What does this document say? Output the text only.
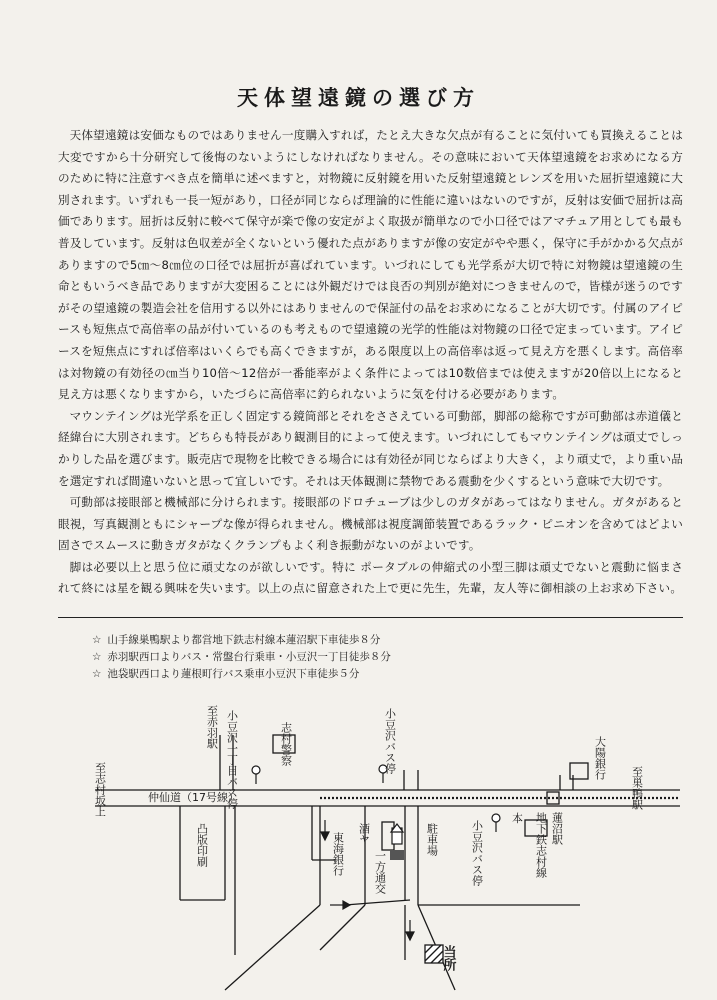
天体望遠鏡の選び方

天体望遠鏡は安価なものではありません一度購入すれば，たとえ大きな欠点が有ることに気付いても買換えることは大変ですから十分研究して後悔のないようにしなければなりません。その意味において天体望遠鏡をお求めになる方のために特に注意すべき点を簡単に述べますと，対物鏡に反射鏡を用いた反射望遠鏡とレンズを用いた屈折望遠鏡に大別されます。いずれも一長一短があり，口径が同じならば理論的に性能に違いはないのですが，反射は安価で屈折は高価であります。屈折は反射に較べて保守が楽で像の安定がよく取扱が簡単なので小口径ではアマチュア用としても最も普及しています。反射は色収差が全くないという優れた点がありますが像の安定がやや悪く，保守に手がかかる欠点がありますので5㎝～8㎝位の口径では屈折が喜ばれています。いづれにしても光学系が大切で特に対物鏡は望遠鏡の生命ともいうべき品でありますが大変困ることには外観だけでは良否の判別が絶対につきませんので，皆様が迷うのですがその望遠鏡の製造会社を信用する以外にはありませんので保証付の品をお求めになることが大切です。付属のアイピースも短焦点で高倍率の品が付いているのも考えもので望遠鏡の光学的性能は対物鏡の口径で定まっています。アイピースを短焦点にすれば倍率はいくらでも高くできますが，ある限度以上の高倍率は返って見え方を悪くします。高倍率は対物鏡の有効径の㎝当り10倍～12倍が一番能率がよく条件によっては10数倍までは使えますが20倍以上になると見え方は悪くなりますから，いたづらに高倍率に釣られないように気を付ける必要があります。

マウンテイングは光学系を正しく固定する鏡筒部とそれをささえている可動部，脚部の総称ですが可動部は赤道儀と経緯台に大別されます。どちらも特長があり観測目的によって使えます。いづれにしてもマウンテイングは頑丈でしっかりした品を選びます。販売店で現物を比較できる場合には有効径が同じならばより大きく，より頑丈で，より重い品を選定すれば間違いないと思って宜しいです。それは天体観測に禁物である震動を少くするという意味で大切です。

可動部は接眼部と機械部に分けられます。接眼部のドロチューブは少しのガタがあってはなりません。ガタがあると眼視，写真観測ともにシャープな像が得られません。機械部は視度調節装置であるラック・ピニオンを含めてはどよい固さでスムースに動きガタがなくクランプもよく利き振動がないのがよいです。

脚は必要以上と思う位に頑丈なのが欲しいです。特に ポータブルの伸縮式の小型三脚は頑丈でないと震動に悩まされて終には星を観る興味を失います。以上の点に留意された上で更に先生，先輩，友人等に御相談の上お求め下さい。

☆ 山手線巣鴨駅より都営地下鉄志村線本蓮沼駅下車徒歩８分
☆ 赤羽駅西口よりバス・常盤台行乗車・小豆沢一丁目徒歩８分
☆ 池袋駅西口より蓮根町行バス乗車小豆沢下車徒歩５分
至赤羽駅
至志村坂上	至巣鴨駅
仲仙道（17号線）
小豆沢一丁目バス停	志村警察	小豆沢バス停	大陽銀行
凸版印刷	東海銀行 酒ヤ
一方通交
駐車場	小豆沢バス停
本 地下鉄志村線 蓮沼駅
当所
